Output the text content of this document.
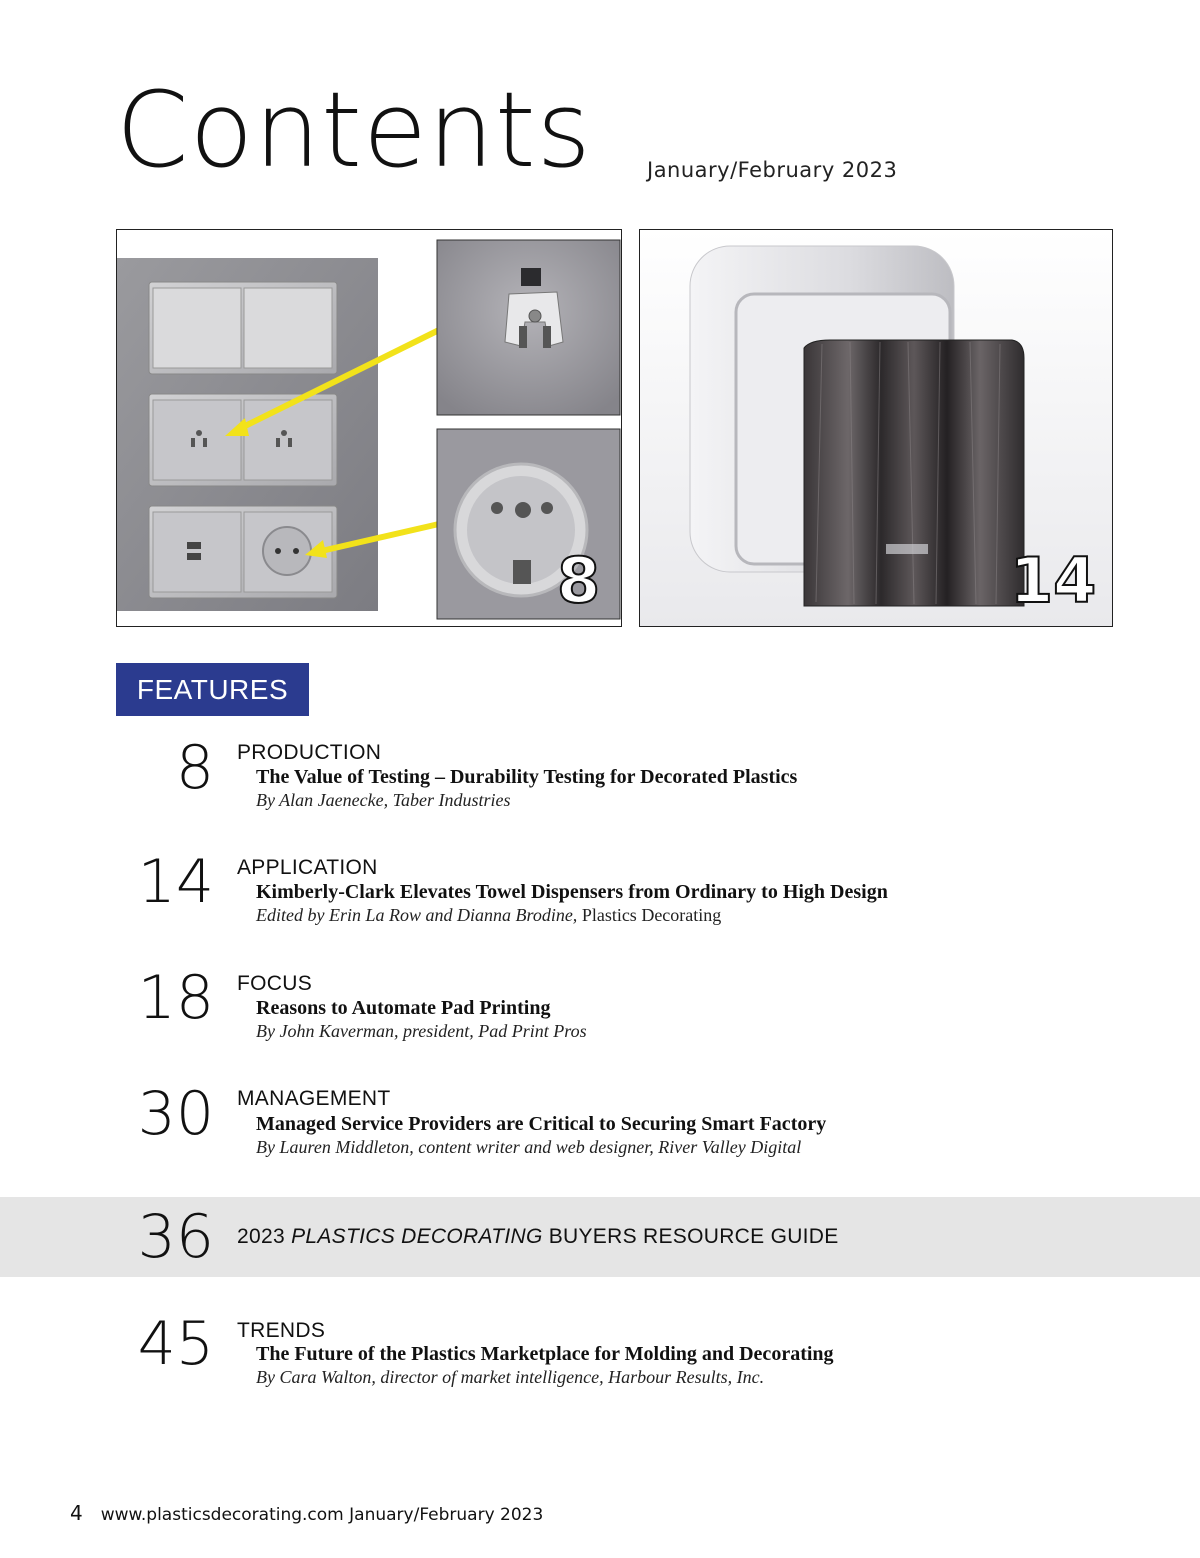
Contents	January/February 2023
8	14
FEATURES
8 PRODUCTION
The Value of Testing – Durability Testing for Decorated Plastics
By Alan Jaenecke, Taber Industries
14 APPLICATION
Kimberly-Clark Elevates Towel Dispensers from Ordinary to High Design
Edited by Erin La Row and Dianna Brodine, Plastics Decorating
18 FOCUS
Reasons to Automate Pad Printing
By John Kaverman, president, Pad Print Pros
30 MANAGEMENT
Managed Service Providers are Critical to Securing Smart Factory
By Lauren Middleton, content writer and web designer, River Valley Digital
36 2023 PLASTICS DECORATING BUYERS RESOURCE GUIDE
45 TRENDS
The Future of the Plastics Marketplace for Molding and Decorating
By Cara Walton, director of market intelligence, Harbour Results, Inc.
4 www.plasticsdecorating.com January/February 2023
